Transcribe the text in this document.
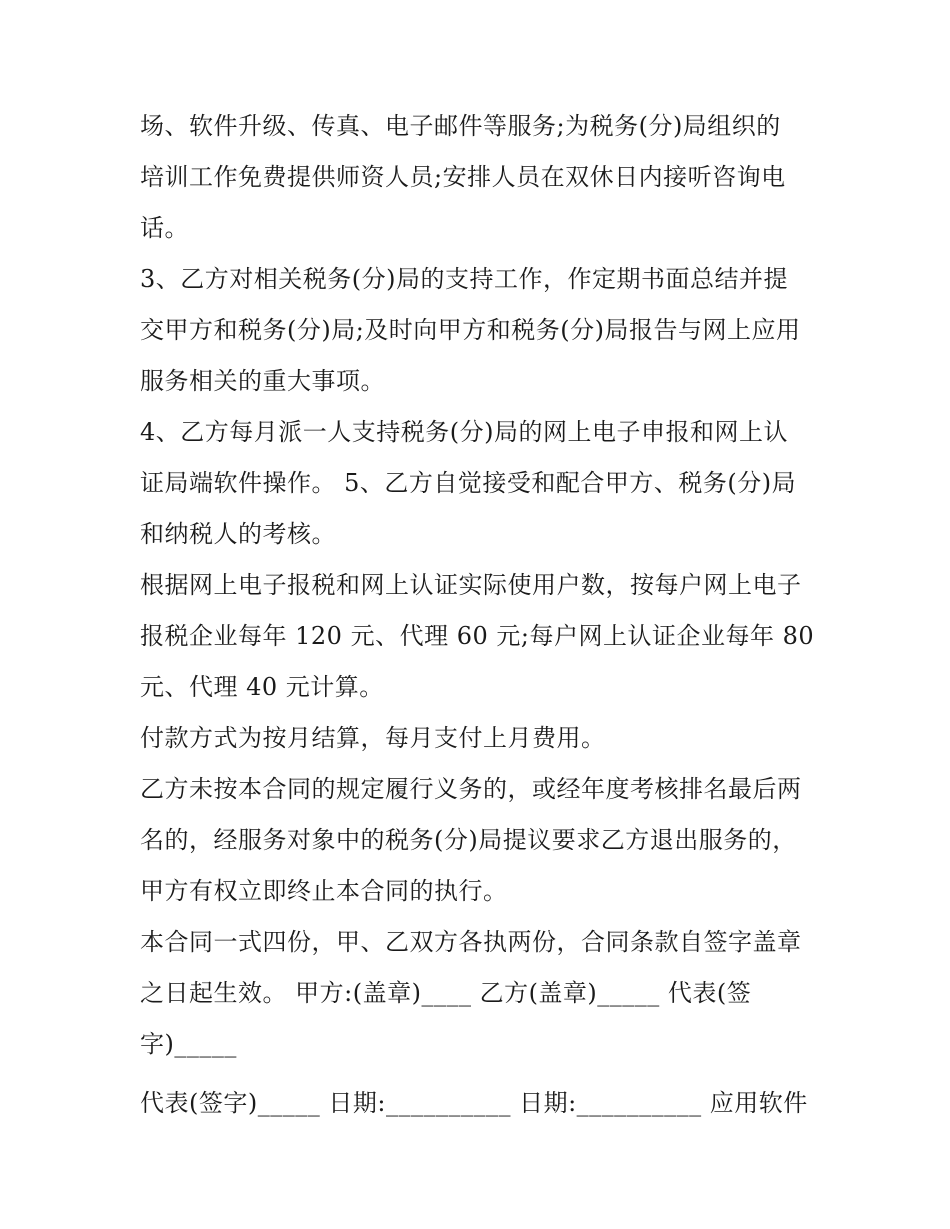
场、软件升级、传真、电子邮件等服务;为税务(分)局组织的
培训工作免费提供师资人员;安排人员在双休日内接听咨询电
话。
3、乙方对相关税务(分)局的支持工作，作定期书面总结并提
交甲方和税务(分)局;及时向甲方和税务(分)局报告与网上应用
服务相关的重大事项。
4、乙方每月派一人支持税务(分)局的网上电子申报和网上认
证局端软件操作。 5、乙方自觉接受和配合甲方、税务(分)局
和纳税人的考核。
根据网上电子报税和网上认证实际使用户数，按每户网上电子
报税企业每年 120 元、代理 60 元;每户网上认证企业每年 80
元、代理 40 元计算。
付款方式为按月结算，每月支付上月费用。
乙方未按本合同的规定履行义务的，或经年度考核排名最后两
名的，经服务对象中的税务(分)局提议要求乙方退出服务的，
甲方有权立即终止本合同的执行。
本合同一式四份，甲、乙双方各执两份，合同条款自签字盖章
之日起生效。 甲方:(盖章)____ 乙方(盖章)_____ 代表(签
字)_____
代表(签字)_____ 日期:__________ 日期:__________ 应用软件
